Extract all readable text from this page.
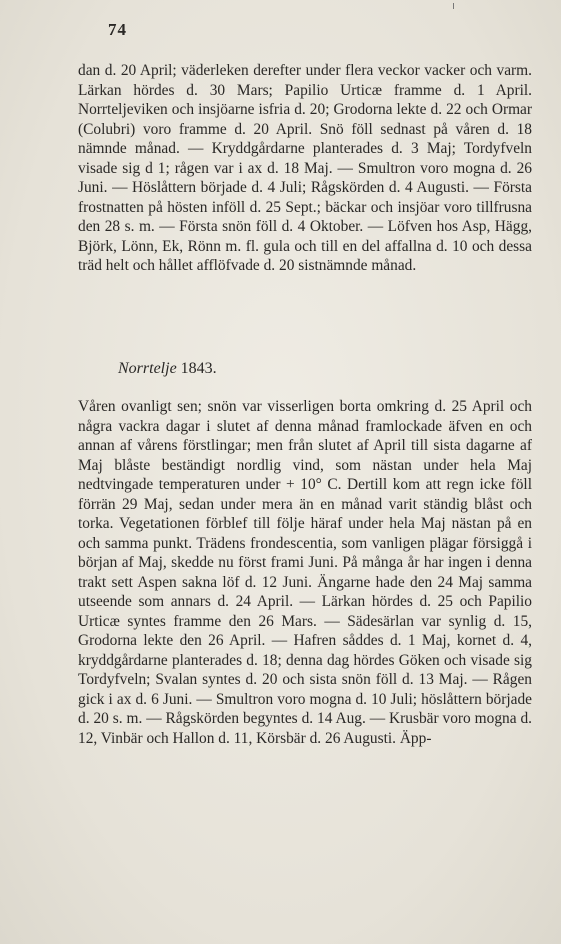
74

dan d. 20 April; väderleken derefter under flera veckor vacker och varm. Lärkan hördes d. 30 Mars; Papilio Urticæ framme d. 1 April. Norrteljeviken och insjöarne isfria d. 20; Grodorna lekte d. 22 och Ormar (Colubri) voro framme d. 20 April. Snö föll sednast på våren d. 18 nämnde månad. — Kryddgårdarne planterades d. 3 Maj; Tordyfveln visade sig d 1; rågen var i ax d. 18 Maj. — Smultron voro mogna d. 26 Juni. — Höslåttern började d. 4 Juli; Rågskörden d. 4 Augusti. — Första frostnatten på hösten inföll d. 25 Sept.; bäckar och insjöar voro tillfrusna den 28 s. m. — Första snön föll d. 4 Oktober. — Löfven hos Asp, Hägg, Björk, Lönn, Ek, Rönn m. fl. gula och till en del affallna d. 10 och dessa träd helt och hållet afflöfvade d. 20 sistnämnde månad.

Norrtelje 1843.

Våren ovanligt sen; snön var visserligen borta omkring d. 25 April och några vackra dagar i slutet af denna månad framlockade äfven en och annan af vårens förstlingar; men från slutet af April till sista dagarne af Maj blåste beständigt nordlig vind, som nästan under hela Maj nedtvingade temperaturen under + 10° C. Dertill kom att regn icke föll förrän 29 Maj, sedan under mera än en månad varit ständig blåst och torka. Vegetationen förblef till följe häraf under hela Maj nästan på en och samma punkt. Trädens frondescentia, som vanligen plägar försiggå i början af Maj, skedde nu först frami Juni. På många år har ingen i denna trakt sett Aspen sakna löf d. 12 Juni. Ängarne hade den 24 Maj samma utseende som annars d. 24 April. — Lärkan hördes d. 25 och Papilio Urticæ syntes framme den 26 Mars. — Sädesärlan var synlig d. 15, Grodorna lekte den 26 April. — Hafren såddes d. 1 Maj, kornet d. 4, kryddgårdarne planterades d. 18; denna dag hördes Göken och visade sig Tordyfveln; Svalan syntes d. 20 och sista snön föll d. 13 Maj. — Rågen gick i ax d. 6 Juni. — Smultron voro mogna d. 10 Juli; höslåttern började d. 20 s. m. — Rågskörden begyntes d. 14 Aug. — Krusbär voro mogna d. 12, Vinbär och Hallon d. 11, Körsbär d. 26 Augusti. Äpp-
